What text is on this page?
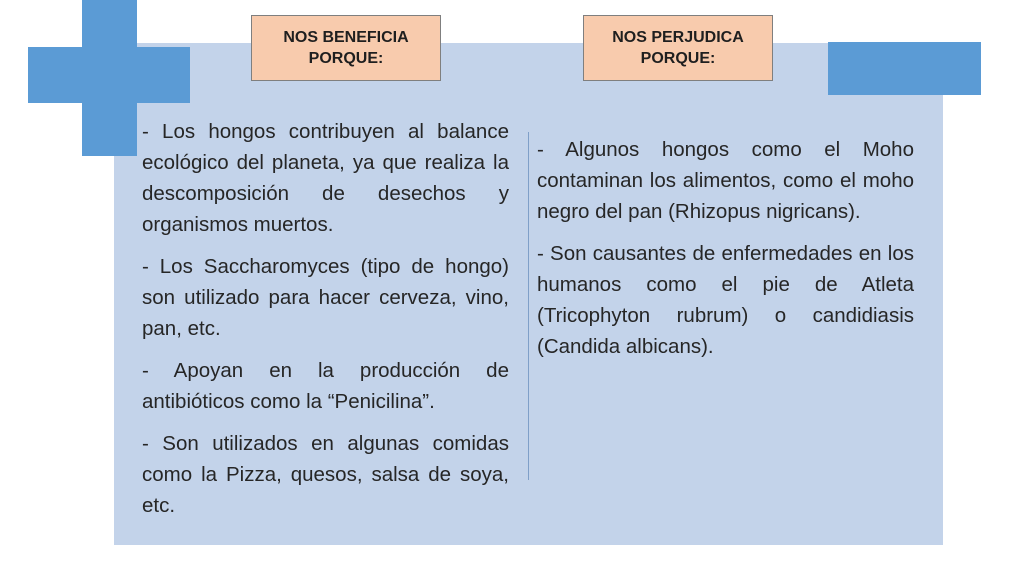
NOS BENEFICIA PORQUE:
NOS PERJUDICA PORQUE:

- Los hongos contribuyen al balance ecológico del planeta, ya que realiza la descomposición de desechos y organismos muertos.

- Los Saccharomyces (tipo de hongo) son utilizado para hacer cerveza, vino, pan, etc.

- Apoyan en la producción de antibióticos como la “Penicilina”.

- Son utilizados en algunas comidas como la Pizza, quesos, salsa de soya, etc.

- Algunos hongos como el Moho contaminan los alimentos, como el moho negro del pan (Rhizopus nigricans).

- Son causantes de enfermedades en los humanos como el pie de Atleta (Tricophyton rubrum) o candidiasis (Candida albicans).
